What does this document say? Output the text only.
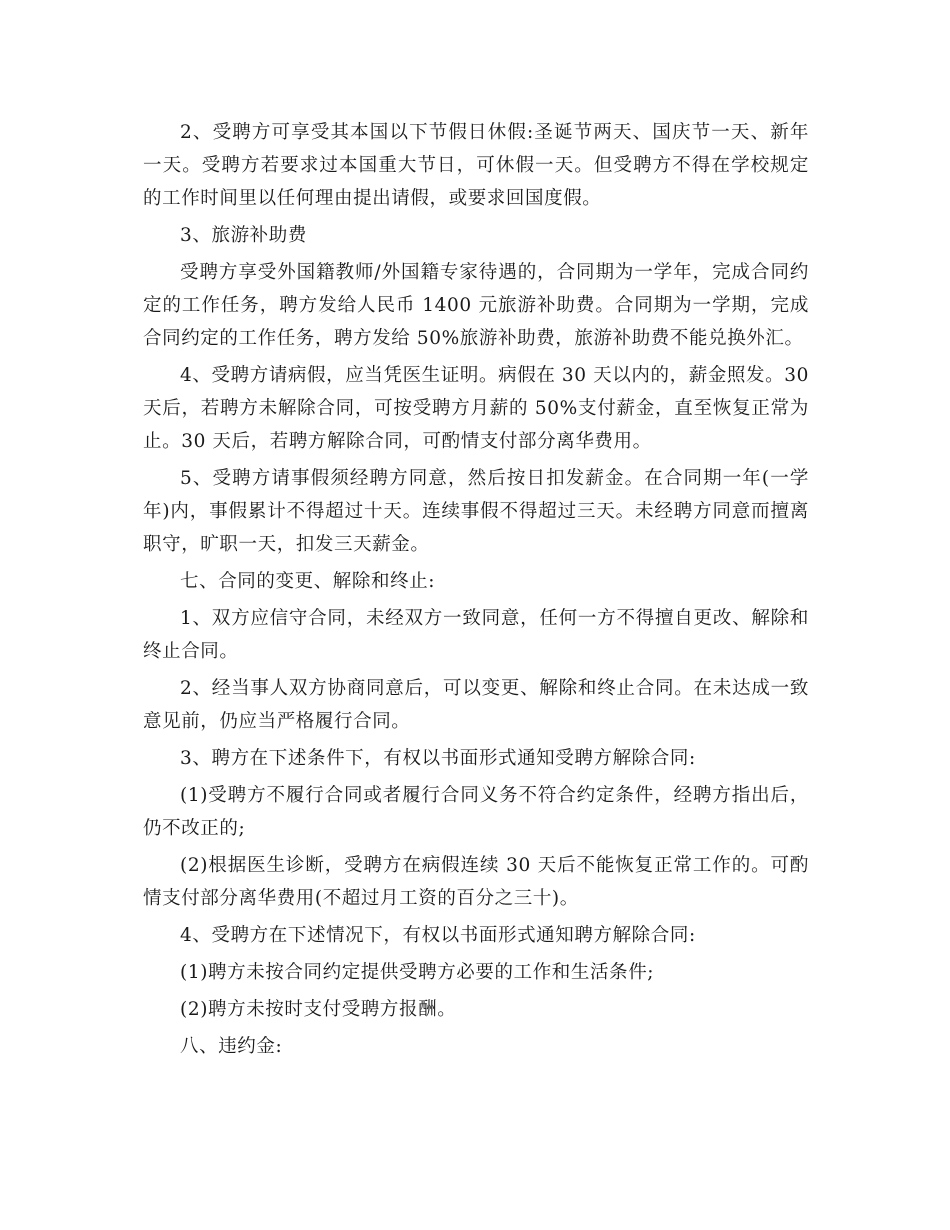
2、受聘方可享受其本国以下节假日休假:圣诞节两天、国庆节一天、新年一天。受聘方若要求过本国重大节日，可休假一天。但受聘方不得在学校规定的工作时间里以任何理由提出请假，或要求回国度假。

3、旅游补助费

受聘方享受外国籍教师/外国籍专家待遇的，合同期为一学年，完成合同约定的工作任务，聘方发给人民币 1400 元旅游补助费。合同期为一学期，完成合同约定的工作任务，聘方发给 50%旅游补助费，旅游补助费不能兑换外汇。

4、受聘方请病假，应当凭医生证明。病假在 30 天以内的，薪金照发。30 天后，若聘方未解除合同，可按受聘方月薪的 50%支付薪金，直至恢复正常为止。30 天后，若聘方解除合同，可酌情支付部分离华费用。

5、受聘方请事假须经聘方同意，然后按日扣发薪金。在合同期一年(一学年)内，事假累计不得超过十天。连续事假不得超过三天。未经聘方同意而擅离职守，旷职一天，扣发三天薪金。

七、合同的变更、解除和终止:

1、双方应信守合同，未经双方一致同意，任何一方不得擅自更改、解除和终止合同。

2、经当事人双方协商同意后，可以变更、解除和终止合同。在未达成一致意见前，仍应当严格履行合同。

3、聘方在下述条件下，有权以书面形式通知受聘方解除合同:

(1)受聘方不履行合同或者履行合同义务不符合约定条件，经聘方指出后，仍不改正的;

(2)根据医生诊断，受聘方在病假连续 30 天后不能恢复正常工作的。可酌情支付部分离华费用(不超过月工资的百分之三十)。

4、受聘方在下述情况下，有权以书面形式通知聘方解除合同:

(1)聘方未按合同约定提供受聘方必要的工作和生活条件;

(2)聘方未按时支付受聘方报酬。

八、违约金:
